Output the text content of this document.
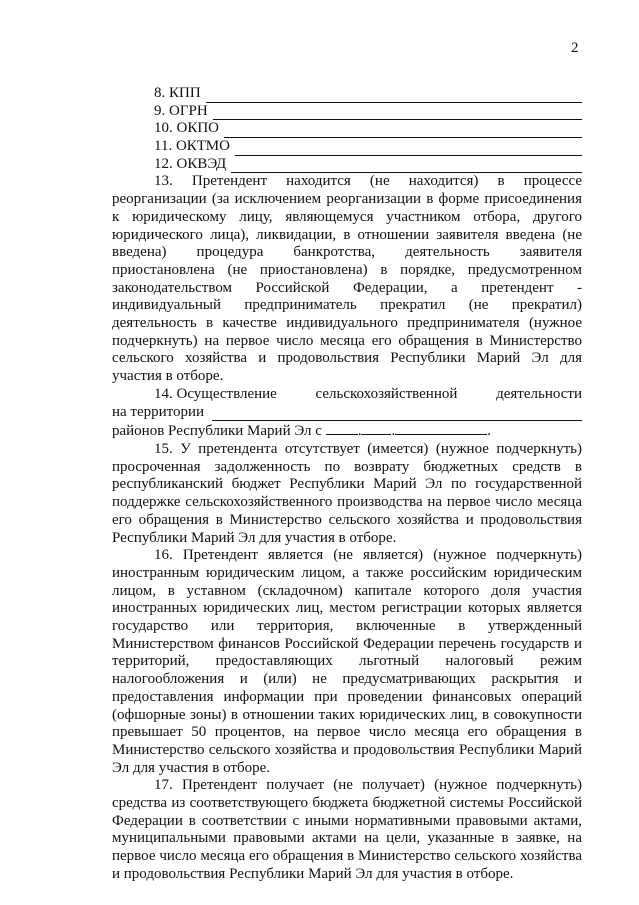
2
8. КПП
9. ОГРН
10. ОКПО
11. ОКТМО
12. ОКВЭД

13. Претендент находится (не находится) в процессе реорганизации (за исключением реорганизации в форме присоединения к юридическому лицу, являющемуся участником отбора, другого юридического лица), ликвидации, в отношении заявителя введена (не введена) процедура банкротства, деятельность заявителя приостановлена (не приостановлена) в порядке, предусмотренном законодательством Российской Федерации, а претендент - индивидуальный предприниматель прекратил (не прекратил) деятельность в качестве индивидуального предпринимателя (нужное подчеркнуть) на первое число месяца его обращения в Министерство сельского хозяйства и продовольствия Республики Марий Эл для участия в отборе.

14. Осуществление	сельскохозяйственной	деятельности
на территории
районов Республики Марий Эл с . .	.

15. У претендента отсутствует (имеется) (нужное подчеркнуть) просроченная задолженность по возврату бюджетных средств в республиканский бюджет Республики Марий Эл по государственной поддержке сельскохозяйственного производства на первое число месяца его обращения в Министерство сельского хозяйства и продовольствия Республики Марий Эл для участия в отборе.

16. Претендент является (не является) (нужное подчеркнуть) иностранным юридическим лицом, а также российским юридическим лицом, в уставном (складочном) капитале которого доля участия иностранных юридических лиц, местом регистрации которых является государство или территория, включенные в утвержденный Министерством финансов Российской Федерации перечень государств и территорий, предоставляющих льготный налоговый режим налогообложения и (или) не предусматривающих раскрытия и предоставления информации при проведении финансовых операций (офшорные зоны) в отношении таких юридических лиц, в совокупности превышает 50 процентов, на первое число месяца его обращения в Министерство сельского хозяйства и продовольствия Республики Марий Эл для участия в отборе.

17. Претендент получает (не получает) (нужное подчеркнуть) средства из соответствующего бюджета бюджетной системы Российской Федерации в соответствии с иными нормативными правовыми актами, муниципальными правовыми актами на цели, указанные в заявке, на первое число месяца его обращения в Министерство сельского хозяйства и продовольствия Республики Марий Эл для участия в отборе.
